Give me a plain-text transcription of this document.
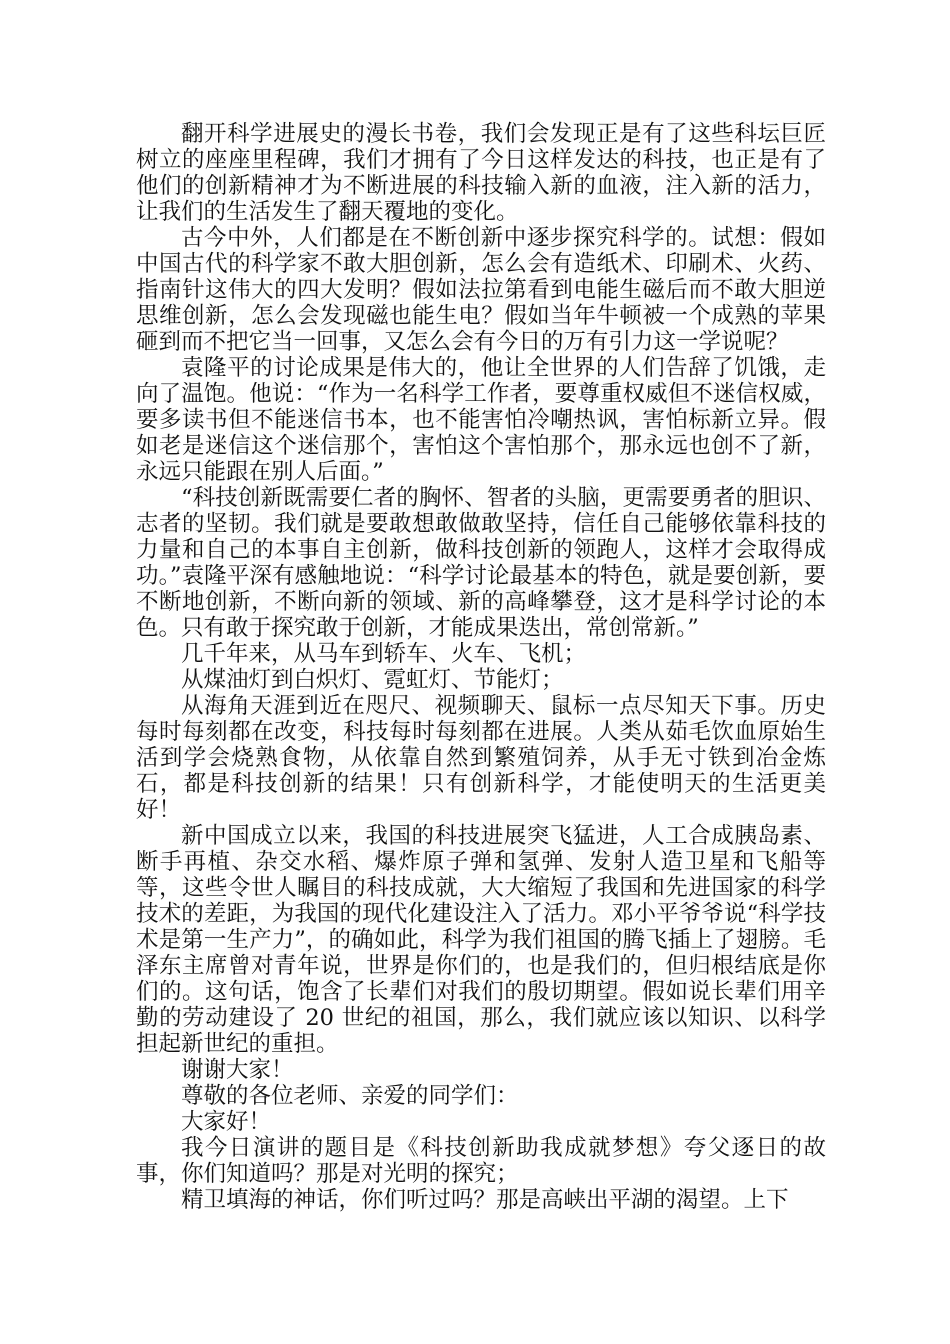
翻开科学进展史的漫长书卷，我们会发现正是有了这些科坛巨匠树立的座座里程碑，我们才拥有了今日这样发达的科技，也正是有了他们的创新精神才为不断进展的科技输入新的血液，注入新的活力，让我们的生活发生了翻天覆地的变化。

古今中外，人们都是在不断创新中逐步探究科学的。试想：假如中国古代的科学家不敢大胆创新，怎么会有造纸术、印刷术、火药、指南针这伟大的四大发明？假如法拉第看到电能生磁后而不敢大胆逆思维创新，怎么会发现磁也能生电？假如当年牛顿被一个成熟的苹果砸到而不把它当一回事，又怎么会有今日的万有引力这一学说呢？

袁隆平的讨论成果是伟大的，他让全世界的人们告辞了饥饿，走向了温饱。他说：“作为一名科学工作者，要尊重权威但不迷信权威，要多读书但不能迷信书本，也不能害怕冷嘲热讽，害怕标新立异。假如老是迷信这个迷信那个，害怕这个害怕那个，那永远也创不了新，永远只能跟在别人后面。”

“科技创新既需要仁者的胸怀、智者的头脑，更需要勇者的胆识、志者的坚韧。我们就是要敢想敢做敢坚持，信任自己能够依靠科技的力量和自己的本事自主创新，做科技创新的领跑人，这样才会取得成功。”袁隆平深有感触地说：“科学讨论最基本的特色，就是要创新，要不断地创新，不断向新的领域、新的高峰攀登，这才是科学讨论的本色。只有敢于探究敢于创新，才能成果迭出，常创常新。”

几千年来，从马车到轿车、火车、飞机；

从煤油灯到白炽灯、霓虹灯、节能灯；

从海角天涯到近在咫尺、视频聊天、鼠标一点尽知天下事。历史每时每刻都在改变，科技每时每刻都在进展。人类从茹毛饮血原始生活到学会烧熟食物，从依靠自然到繁殖饲养，从手无寸铁到冶金炼石，都是科技创新的结果！只有创新科学，才能使明天的生活更美好！

新中国成立以来，我国的科技进展突飞猛进，人工合成胰岛素、断手再植、杂交水稻、爆炸原子弹和氢弹、发射人造卫星和飞船等等，这些令世人瞩目的科技成就，大大缩短了我国和先进国家的科学技术的差距，为我国的现代化建设注入了活力。邓小平爷爷说“科学技术是第一生产力”，的确如此，科学为我们祖国的腾飞插上了翅膀。毛泽东主席曾对青年说，世界是你们的，也是我们的，但归根结底是你们的。这句话，饱含了长辈们对我们的殷切期望。假如说长辈们用辛勤的劳动建设了 20 世纪的祖国，那么，我们就应该以知识、以科学担起新世纪的重担。

谢谢大家！

尊敬的各位老师、亲爱的同学们：

大家好！

我今日演讲的题目是《科技创新助我成就梦想》夸父逐日的故事，你们知道吗？那是对光明的探究；

精卫填海的神话，你们听过吗？那是高峡出平湖的渴望。上下
